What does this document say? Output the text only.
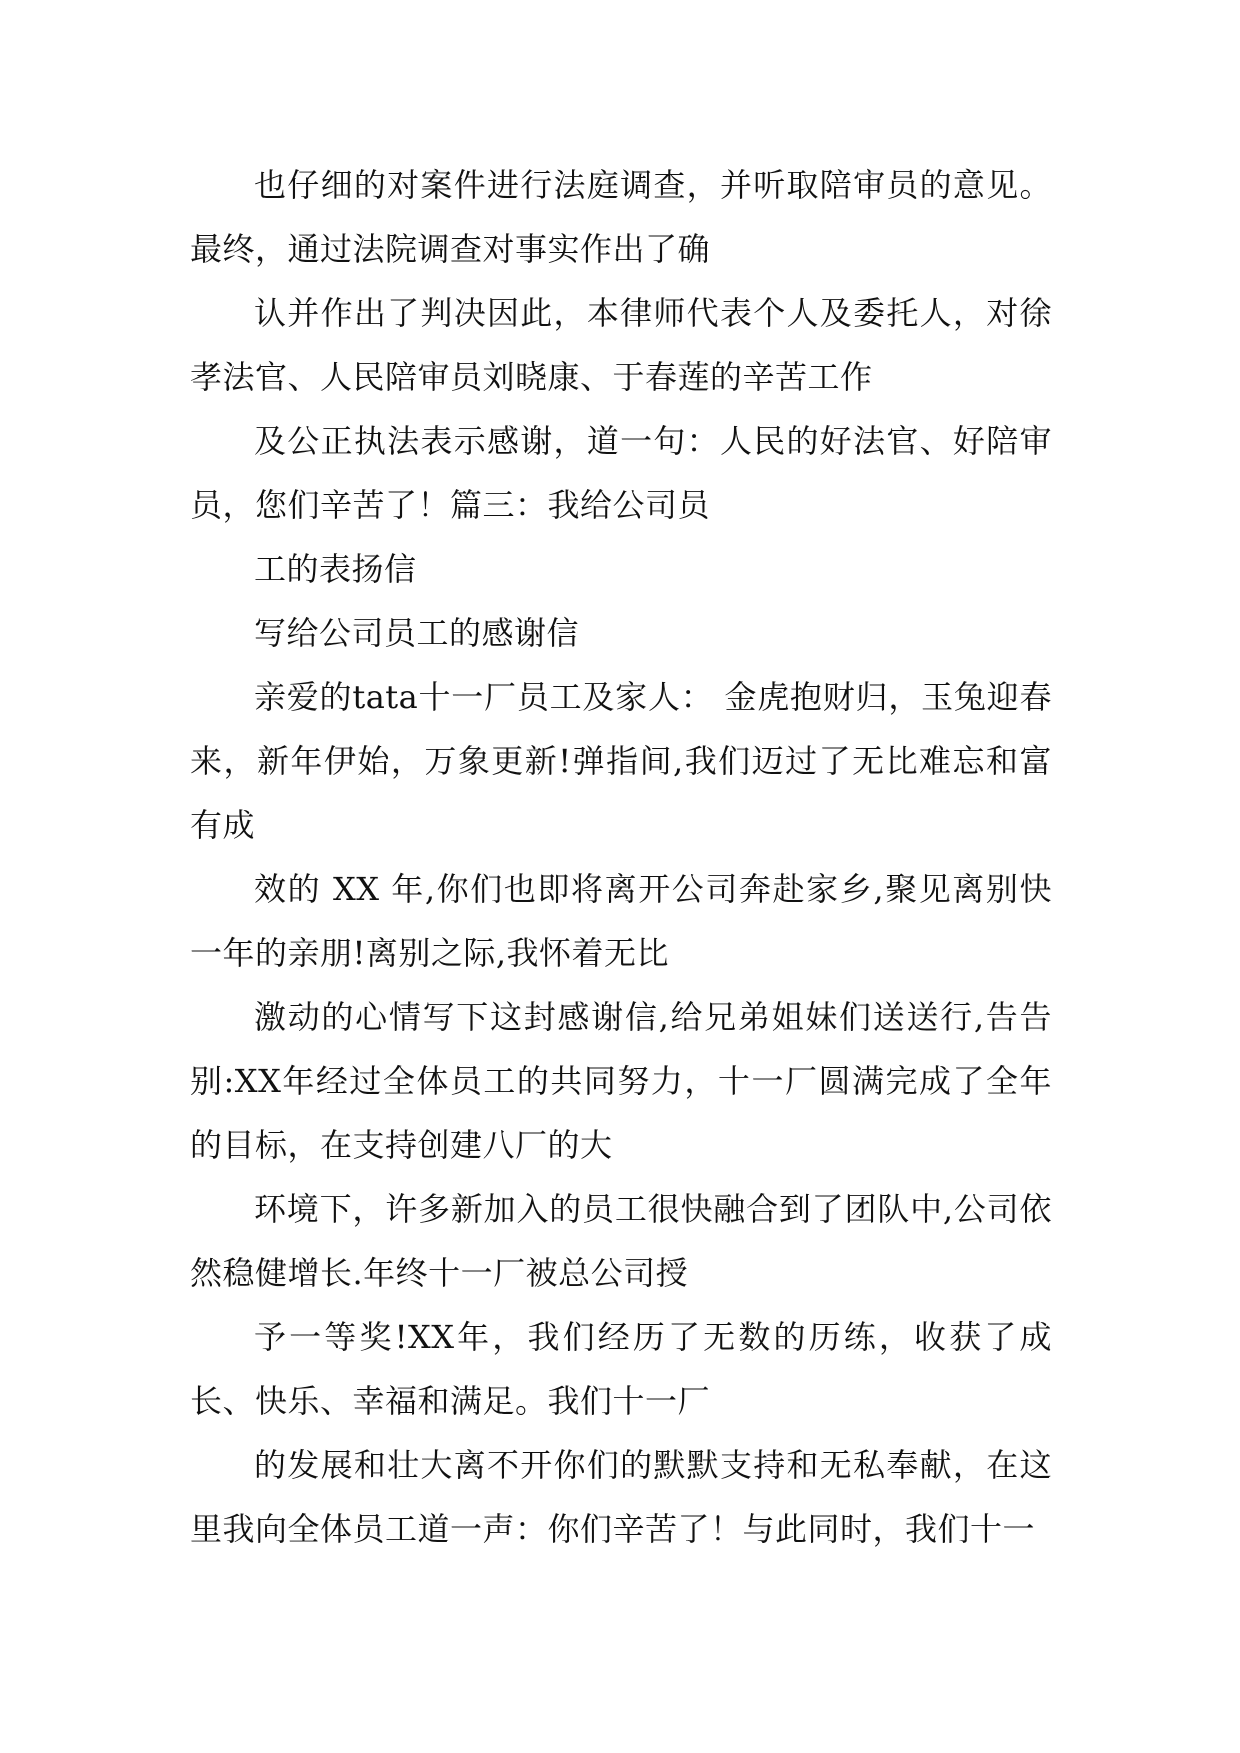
也仔细的对案件进行法庭调查，并听取陪审员的意见。最终，通过法院调查对事实作出了确

认并作出了判决因此，本律师代表个人及委托人，对徐孝法官、人民陪审员刘晓康、于春莲的辛苦工作

及公正执法表示感谢，道一句：人民的好法官、好陪审员，您们辛苦了！篇三：我给公司员

工的表扬信

写给公司员工的感谢信

亲爱的tata十一厂员工及家人： 金虎抱财归，玉兔迎春来，新年伊始，万象更新!弹指间,我们迈过了无比难忘和富有成

效的 XX 年,你们也即将离开公司奔赴家乡,聚见离别快一年的亲朋!离别之际,我怀着无比

激动的心情写下这封感谢信,给兄弟姐妹们送送行,告告别:XX年经过全体员工的共同努力，十一厂圆满完成了全年的目标，在支持创建八厂的大

环境下，许多新加入的员工很快融合到了团队中,公司依然稳健增长.年终十一厂被总公司授

予一等奖!XX年，我们经历了无数的历练，收获了成长、快乐、幸福和满足。我们十一厂

的发展和壮大离不开你们的默默支持和无私奉献，在这里我向全体员工道一声：你们辛苦了！与此同时，我们十一
